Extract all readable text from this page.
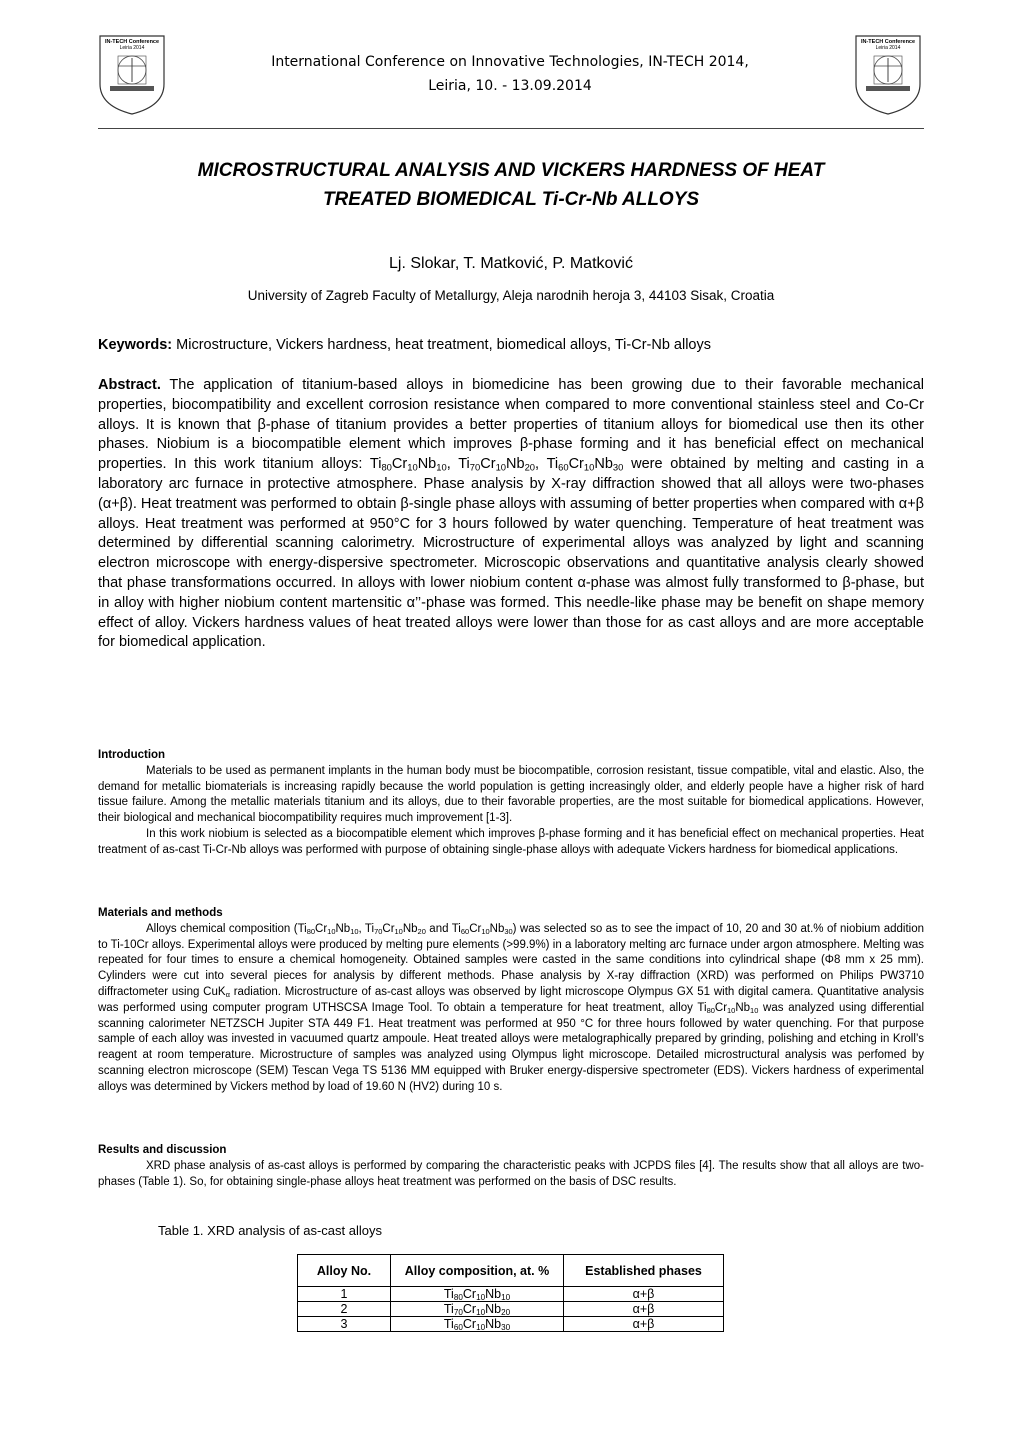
IN-TECH Conference
Leiria 2014
IN-TECH Conference
Leiria 2014
International Conference on Innovative Technologies, IN-TECH 2014,
Leiria, 10. - 13.09.2014
MICROSTRUCTURAL ANALYSIS AND VICKERS HARDNESS OF HEAT
TREATED BIOMEDICAL Ti-Cr-Nb ALLOYS
Lj. Slokar, T. Matković, P. Matković
University of Zagreb Faculty of Metallurgy, Aleja narodnih heroja 3, 44103 Sisak, Croatia
Keywords: Microstructure, Vickers hardness, heat treatment, biomedical alloys, Ti-Cr-Nb alloys
Abstract. The application of titanium-based alloys in biomedicine has been growing due to their favorable mechanical properties, biocompatibility and excellent corrosion resistance when compared to more conventional stainless steel and Co-Cr alloys. It is known that β-phase of titanium provides a better properties of titanium alloys for biomedical use then its other phases. Niobium is a biocompatible element which improves β-phase forming and it has beneficial effect on mechanical properties. In this work titanium alloys: $Ti_{80}Cr_{10}Nb_{10}$, $Ti_{70}Cr_{10}Nb_{20}$, $Ti_{60}Cr_{10}Nb_{30}$ were obtained by melting and casting in a laboratory arc furnace in protective atmosphere. Phase analysis by X-ray diffraction showed that all alloys were two-phases (α+β). Heat treatment was performed to obtain β-single phase alloys with assuming of better properties when compared with α+β alloys. Heat treatment was performed at 950°C for 3 hours followed by water quenching. Temperature of heat treatment was determined by differential scanning calorimetry. Microstructure of experimental alloys was analyzed by light and scanning electron microscope with energy-dispersive spectrometer. Microscopic observations and quantitative analysis clearly showed that phase transformations occurred. In alloys with lower niobium content α-phase was almost fully transformed to β-phase, but in alloy with higher niobium content martensitic α’’-phase was formed. This needle-like phase may be benefit on shape memory effect of alloy. Vickers hardness values of heat treated alloys were lower than those for as cast alloys and are more acceptable for biomedical application.
Introduction

Materials to be used as permanent implants in the human body must be biocompatible, corrosion resistant, tissue compatible, vital and elastic. Also, the demand for metallic biomaterials is increasing rapidly because the world population is getting increasingly older, and elderly people have a higher risk of hard tissue failure. Among the metallic materials titanium and its alloys, due to their favorable properties, are the most suitable for biomedical applications. However, their biological and mechanical biocompatibility requires much improvement [1-3].

In this work niobium is selected as a biocompatible element which improves β-phase forming and it has beneficial effect on mechanical properties. Heat treatment of as-cast Ti-Cr-Nb alloys was performed with purpose of obtaining single-phase alloys with adequate Vickers hardness for biomedical applications.

Materials and methods

Alloys chemical composition ($Ti_{80}Cr_{10}Nb_{10}$, $Ti_{70}Cr_{10}Nb_{20}$ and $Ti_{60}Cr_{10}Nb_{30}$) was selected so as to see the impact of 10, 20 and 30 at.% of niobium addition to Ti-10Cr alloys. Experimental alloys were produced by melting pure elements (>99.9%) in a laboratory melting arc furnace under argon atmosphere. Melting was repeated for four times to ensure a chemical homogeneity. Obtained samples were casted in the same conditions into cylindrical shape (Φ8 mm x 25 mm). Cylinders were cut into several pieces for analysis by different methods. Phase analysis by X-ray diffraction (XRD) was performed on Philips PW3710 diffractometer using CuK$_\alpha$ radiation. Microstructure of as-cast alloys was observed by light microscope Olympus GX 51 with digital camera. Quantitative analysis was performed using computer program UTHSCSA Image Tool. To obtain a temperature for heat treatment, alloy $Ti_{80}Cr_{10}Nb_{10}$ was analyzed using differential scanning calorimeter NETZSCH Jupiter STA 449 F1. Heat treatment was performed at 950 °C for three hours followed by water quenching. For that purpose sample of each alloy was invested in vacuumed quartz ampoule. Heat treated alloys were metalographically prepared by grinding, polishing and etching in Kroll’s reagent at room temperature. Microstructure of samples was analyzed using Olympus light microscope. Detailed microstructural analysis was perfomed by scanning electron microscope (SEM) Tescan Vega TS 5136 MM equipped with Bruker energy-dispersive spectrometer (EDS). Vickers hardness of experimental alloys was determined by Vickers method by load of 19.60 N (HV2) during 10 s.

Results and discussion

XRD phase analysis of as-cast alloys is performed by comparing the characteristic peaks with JCPDS files [4]. The results show that all alloys are two-phases (Table 1). So, for obtaining single-phase alloys heat treatment was performed on the basis of DSC results.

Table 1. XRD analysis of as-cast alloys
Alloy No.	Alloy composition, at. %	Established phases
1	$Ti_{80}Cr_{10}Nb_{10}$	α+β
2	$Ti_{70}Cr_{10}Nb_{20}$	α+β
3	$Ti_{60}Cr_{10}Nb_{30}$	α+β
